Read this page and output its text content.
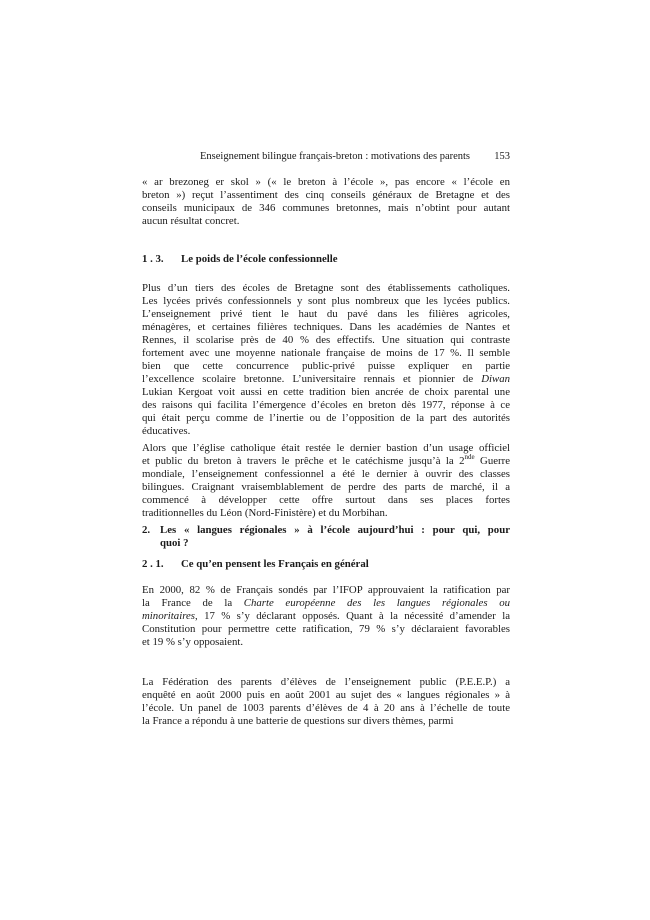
Enseignement bilingue français-breton : motivations des parents 153
« ar brezoneg er skol » (« le breton à l’école », pas encore « l’école en
breton ») reçut l’assentiment des cinq conseils généraux de Bretagne et des
conseils municipaux de 346 communes bretonnes, mais n’obtint pour autant
aucun résultat concret.
1 . 3. Le poids de l’école confessionnelle
Plus d’un tiers des écoles de Bretagne sont des établissements catholiques.
Les lycées privés confessionnels y sont plus nombreux que les lycées publics.
L’enseignement privé tient le haut du pavé dans les filières agricoles,
ménagères, et certaines filières techniques. Dans les académies de Nantes et
Rennes, il scolarise près de 40 % des effectifs. Une situation qui contraste
fortement avec une moyenne nationale française de moins de 17 %. Il semble
bien que cette concurrence public-privé puisse expliquer en partie
l’excellence scolaire bretonne. L’universitaire rennais et pionnier de Diwan
Lukian Kergoat voit aussi en cette tradition bien ancrée de choix parental une
des raisons qui facilita l’émergence d’écoles en breton dès 1977, réponse à ce
qui était perçu comme de l’inertie ou de l’opposition de la part des autorités
éducatives.
Alors que l’église catholique était restée le dernier bastion d’un usage officiel
et public du breton à travers le prêche et le catéchisme jusqu’à la 2nde Guerre
mondiale, l’enseignement confessionnel a été le dernier à ouvrir des classes
bilingues. Craignant vraisemblablement de perdre des parts de marché, il a
commencé à développer cette offre surtout dans ses places fortes
traditionnelles du Léon (Nord-Finistère) et du Morbihan.
2. Les « langues régionales » à l’école aujourd’hui : pour qui, pour
quoi ?
2 . 1. Ce qu’en pensent les Français en général
En 2000, 82 % de Français sondés par l’IFOP approuvaient la ratification par
la France de la Charte européenne des les langues régionales ou
minoritaires, 17 % s’y déclarant opposés. Quant à la nécessité d’amender la
Constitution pour permettre cette ratification, 79 % s’y déclaraient favorables
et 19 % s’y opposaient.
La Fédération des parents d’élèves de l’enseignement public (P.E.E.P.) a
enquêté en août 2000 puis en août 2001 au sujet des « langues régionales » à
l’école. Un panel de 1003 parents d’élèves de 4 à 20 ans à l’échelle de toute
la France a répondu à une batterie de questions sur divers thèmes, parmi
